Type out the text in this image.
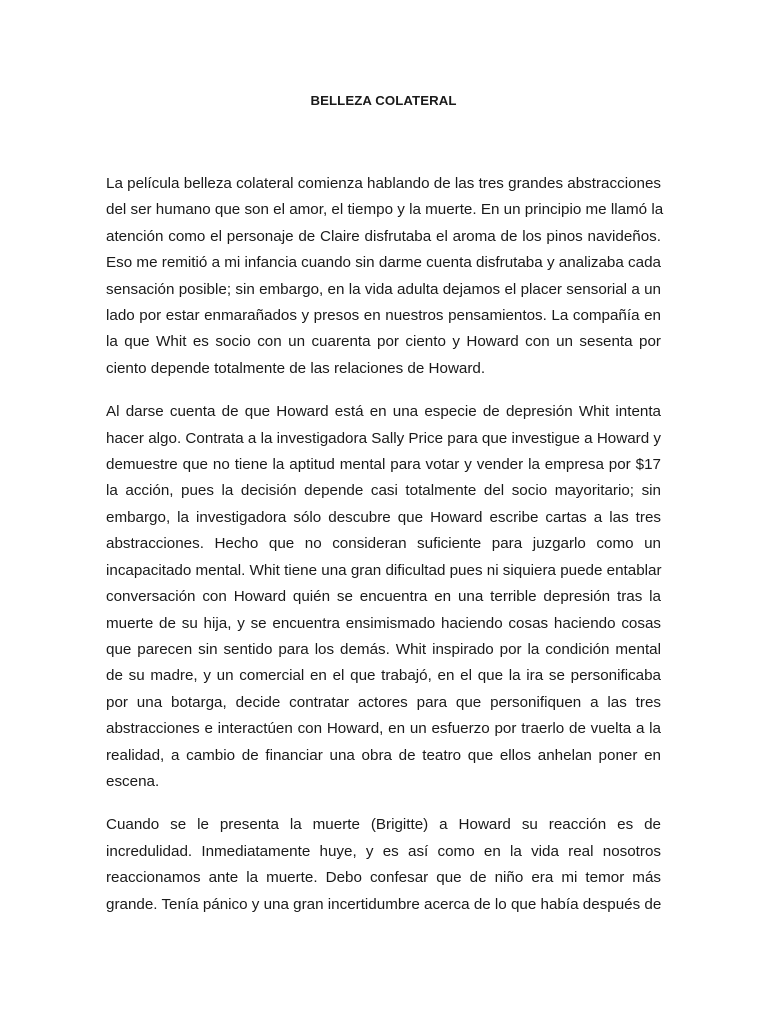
BELLEZA COLATERAL

La película belleza colateral comienza hablando de las tres grandes abstracciones
del ser humano que son el amor, el tiempo y la muerte. En un principio me llamó la
atención como el personaje de Claire disfrutaba el aroma de los pinos navideños.
Eso me remitió a mi infancia cuando sin darme cuenta disfrutaba y analizaba cada
sensación posible; sin embargo, en la vida adulta dejamos el placer sensorial a un
lado por estar enmarañados y presos en nuestros pensamientos. La compañía en
la que Whit es socio con un cuarenta por ciento y Howard con un sesenta por
ciento depende totalmente de las relaciones de Howard.

Al darse cuenta de que Howard está en una especie de depresión Whit intenta
hacer algo. Contrata a la investigadora Sally Price para que investigue a Howard y
demuestre que no tiene la aptitud mental para votar y vender la empresa por $17
la acción, pues la decisión depende casi totalmente del socio mayoritario; sin
embargo, la investigadora sólo descubre que Howard escribe cartas a las tres
abstracciones. Hecho que no consideran suficiente para juzgarlo como un
incapacitado mental. Whit tiene una gran dificultad pues ni siquiera puede entablar
conversación con Howard quién se encuentra en una terrible depresión tras la
muerte de su hija, y se encuentra ensimismado haciendo cosas haciendo cosas
que parecen sin sentido para los demás. Whit inspirado por la condición mental
de su madre, y un comercial en el que trabajó, en el que la ira se personificaba
por una botarga, decide contratar actores para que personifiquen a las tres
abstracciones e interactúen con Howard, en un esfuerzo por traerlo de vuelta a la
realidad, a cambio de financiar una obra de teatro que ellos anhelan poner en
escena.

Cuando se le presenta la muerte (Brigitte) a Howard su reacción es de
incredulidad. Inmediatamente huye, y es así como en la vida real nosotros
reaccionamos ante la muerte. Debo confesar que de niño era mi temor más
grande. Tenía pánico y una gran incertidumbre acerca de lo que había después de
